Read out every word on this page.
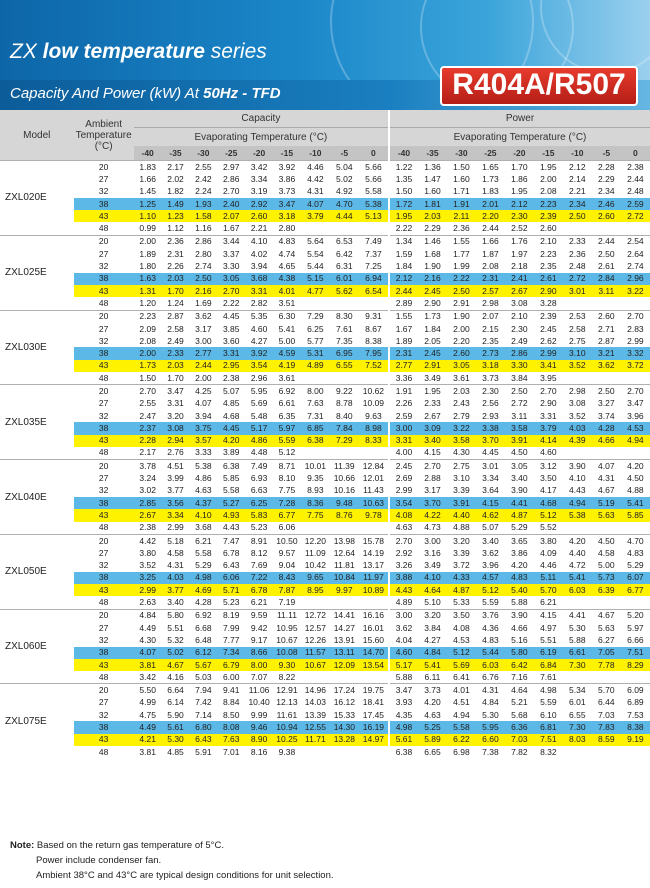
ZX low temperature series
Capacity And Power (kW) At 50Hz - TFD	R404A/R507
Model	Ambient Temperature (°C)	Capacity									Power								
		Evaporating Temperature (°C)									Evaporating Temperature (°C)								
		-40	-35	-30	-25	-20	-15	-10	-5	0	-40	-35	-30	-25	-20	-15	-10	-5	0
ZXL020E	20	1.83	2.17	2.55	2.97	3.42	3.92	4.46	5.04	5.66	1.22	1.36	1.50	1.65	1.70	1.95	2.12	2.28	2.38
	27	1.66	2.02	2.42	2.86	3.34	3.86	4.42	5.02	5.66	1.35	1.47	1.60	1.73	1.86	2.00	2.14	2.29	2.44
	32	1.45	1.82	2.24	2.70	3.19	3.73	4.31	4.92	5.58	1.50	1.60	1.71	1.83	1.95	2.08	2.21	2.34	2.48
	38	1.25	1.49	1.93	2.40	2.92	3.47	4.07	4.70	5.38	1.72	1.81	1.91	2.01	2.12	2.23	2.34	2.46	2.59
	43	1.10	1.23	1.58	2.07	2.60	3.18	3.79	4.44	5.13	1.95	2.03	2.11	2.20	2.30	2.39	2.50	2.60	2.72
	48	0.99	1.12	1.16	1.67	2.21	2.80				2.22	2.29	2.36	2.44	2.52	2.60			
ZXL025E	20	2.00	2.36	2.86	3.44	4.10	4.83	5.64	6.53	7.49	1.34	1.46	1.55	1.66	1.76	2.10	2.33	2.44	2.54
	27	1.89	2.31	2.80	3.37	4.02	4.74	5.54	6.42	7.37	1.59	1.68	1.77	1.87	1.97	2.23	2.36	2.50	2.64
	32	1.80	2.26	2.74	3.30	3.94	4.65	5.44	6.31	7.25	1.84	1.90	1.99	2.08	2.18	2.35	2.48	2.61	2.74
	38	1.63	2.03	2.50	3.05	3.68	4.38	5.15	6.01	6.94	2.12	2.16	2.22	2.31	2.41	2.61	2.72	2.84	2.96
	43	1.31	1.70	2.16	2.70	3.31	4.01	4.77	5.62	6.54	2.44	2.45	2.50	2.57	2.67	2.90	3.01	3.11	3.22
	48	1.20	1.24	1.69	2.22	2.82	3.51				2.89	2.90	2.91	2.98	3.08	3.28			
ZXL030E	20	2.23	2.87	3.62	4.45	5.35	6.30	7.29	8.30	9.31	1.55	1.73	1.90	2.07	2.10	2.39	2.53	2.60	2.70
	27	2.09	2.58	3.17	3.85	4.60	5.41	6.25	7.61	8.67	1.67	1.84	2.00	2.15	2.30	2.45	2.58	2.71	2.83
	32	2.08	2.49	3.00	3.60	4.27	5.00	5.77	7.35	8.38	1.89	2.05	2.20	2.35	2.49	2.62	2.75	2.87	2.99
	38	2.00	2.33	2.77	3.31	3.92	4.59	5.31	6.95	7.95	2.31	2.45	2.60	2.73	2.86	2.99	3.10	3.21	3.32
	43	1.73	2.03	2.44	2.95	3.54	4.19	4.89	6.55	7.52	2.77	2.91	3.05	3.18	3.30	3.41	3.52	3.62	3.72
	48	1.50	1.70	2.00	2.38	2.96	3.61				3.36	3.49	3.61	3.73	3.84	3.95			
ZXL035E	20	2.70	3.47	4.25	5.07	5.95	6.92	8.00	9.22	10.62	1.91	1.95	2.03	2.30	2.50	2.70	2.98	2.50	2.70
	27	2.55	3.31	4.07	4.85	5.69	6.61	7.63	8.78	10.09	2.26	2.33	2.43	2.56	2.72	2.90	3.08	3.27	3.47
	32	2.47	3.20	3.94	4.68	5.48	6.35	7.31	8.40	9.63	2.59	2.67	2.79	2.93	3.11	3.31	3.52	3.74	3.96
	38	2.37	3.08	3.75	4.45	5.17	5.97	6.85	7.84	8.98	3.00	3.09	3.22	3.38	3.58	3.79	4.03	4.28	4.53
	43	2.28	2.94	3.57	4.20	4.86	5.59	6.38	7.29	8.33	3.31	3.40	3.58	3.70	3.91	4.14	4.39	4.66	4.94
	48	2.17	2.76	3.33	3.89	4.48	5.12				4.00	4.15	4.30	4.45	4.50	4.60			
ZXL040E	20	3.78	4.51	5.38	6.38	7.49	8.71	10.01	11.39	12.84	2.45	2.70	2.75	3.01	3.05	3.12	3.90	4.07	4.20
	27	3.24	3.99	4.86	5.85	6.93	8.10	9.35	10.66	12.01	2.69	2.88	3.10	3.34	3.40	3.50	4.10	4.31	4.50
	32	3.02	3.77	4.63	5.58	6.63	7.75	8.93	10.16	11.43	2.99	3.17	3.39	3.64	3.90	4.17	4.43	4.67	4.88
	38	2.85	3.56	4.37	5.27	6.25	7.28	8.36	9.48	10.63	3.54	3.70	3.91	4.15	4.41	4.68	4.94	5.19	5.41
	43	2.67	3.34	4.10	4.93	5.83	6.77	7.75	8.76	9.78	4.08	4.22	4.40	4.62	4.87	5.12	5.38	5.63	5.85
	48	2.38	2.99	3.68	4.43	5.23	6.06				4.63	4.73	4.88	5.07	5.29	5.52			
ZXL050E	20	4.42	5.18	6.21	7.47	8.91	10.50	12.20	13.98	15.78	2.70	3.00	3.20	3.40	3.65	3.80	4.20	4.50	4.70
	27	3.80	4.58	5.58	6.78	8.12	9.57	11.09	12.64	14.19	2.92	3.16	3.39	3.62	3.86	4.09	4.40	4.58	4.83
	32	3.52	4.31	5.29	6.43	7.69	9.04	10.42	11.81	13.17	3.26	3.49	3.72	3.96	4.20	4.46	4.72	5.00	5.29
	38	3.25	4.03	4.98	6.06	7.22	8.43	9.65	10.84	11.97	3.88	4.10	4.33	4.57	4.83	5.11	5.41	5.73	6.07
	43	2.99	3.77	4.69	5.71	6.78	7.87	8.95	9.97	10.89	4.43	4.64	4.87	5.12	5.40	5.70	6.03	6.39	6.77
	48	2.63	3.40	4.28	5.23	6.21	7.19				4.89	5.10	5.33	5.59	5.88	6.21			
ZXL060E	20	4.84	5.80	6.92	8.19	9.59	11.11	12.72	14.41	16.16	3.00	3.20	3.50	3.76	3.90	4.15	4.41	4.67	5.20
	27	4.49	5.51	6.68	7.99	9.42	10.95	12.57	14.27	16.01	3.62	3.84	4.08	4.36	4.66	4.97	5.30	5.63	5.97
	32	4.30	5.32	6.48	7.77	9.17	10.67	12.26	13.91	15.60	4.04	4.27	4.53	4.83	5.16	5.51	5.88	6.27	6.66
	38	4.07	5.02	6.12	7.34	8.66	10.08	11.57	13.11	14.70	4.60	4.84	5.12	5.44	5.80	6.19	6.61	7.05	7.51
	43	3.81	4.67	5.67	6.79	8.00	9.30	10.67	12.09	13.54	5.17	5.41	5.69	6.03	6.42	6.84	7.30	7.78	8.29
	48	3.42	4.16	5.03	6.00	7.07	8.22				5.88	6.11	6.41	6.76	7.16	7.61			
ZXL075E	20	5.50	6.64	7.94	9.41	11.06	12.91	14.96	17.24	19.75	3.47	3.73	4.01	4.31	4.64	4.98	5.34	5.70	6.09
	27	4.99	6.14	7.42	8.84	10.40	12.13	14.03	16.12	18.41	3.93	4.20	4.51	4.84	5.21	5.59	6.01	6.44	6.89
	32	4.75	5.90	7.14	8.50	9.99	11.61	13.39	15.33	17.45	4.35	4.63	4.94	5.30	5.68	6.10	6.55	7.03	7.53
	38	4.49	5.61	6.80	8.08	9.46	10.94	12.55	14.30	16.19	4.98	5.25	5.58	5.95	6.36	6.81	7.30	7.83	8.38
	43	4.21	5.30	6.43	7.63	8.90	10.25	11.71	13.28	14.97	5.61	5.89	6.22	6.60	7.03	7.51	8.03	8.59	9.19
	48	3.81	4.85	5.91	7.01	8.16	9.38				6.38	6.65	6.98	7.38	7.82	8.32			
Note: Based on the return gas temperature of 5°C.
Power include condenser fan.
Ambient 38°C and 43°C are typical design conditions for unit selection.
